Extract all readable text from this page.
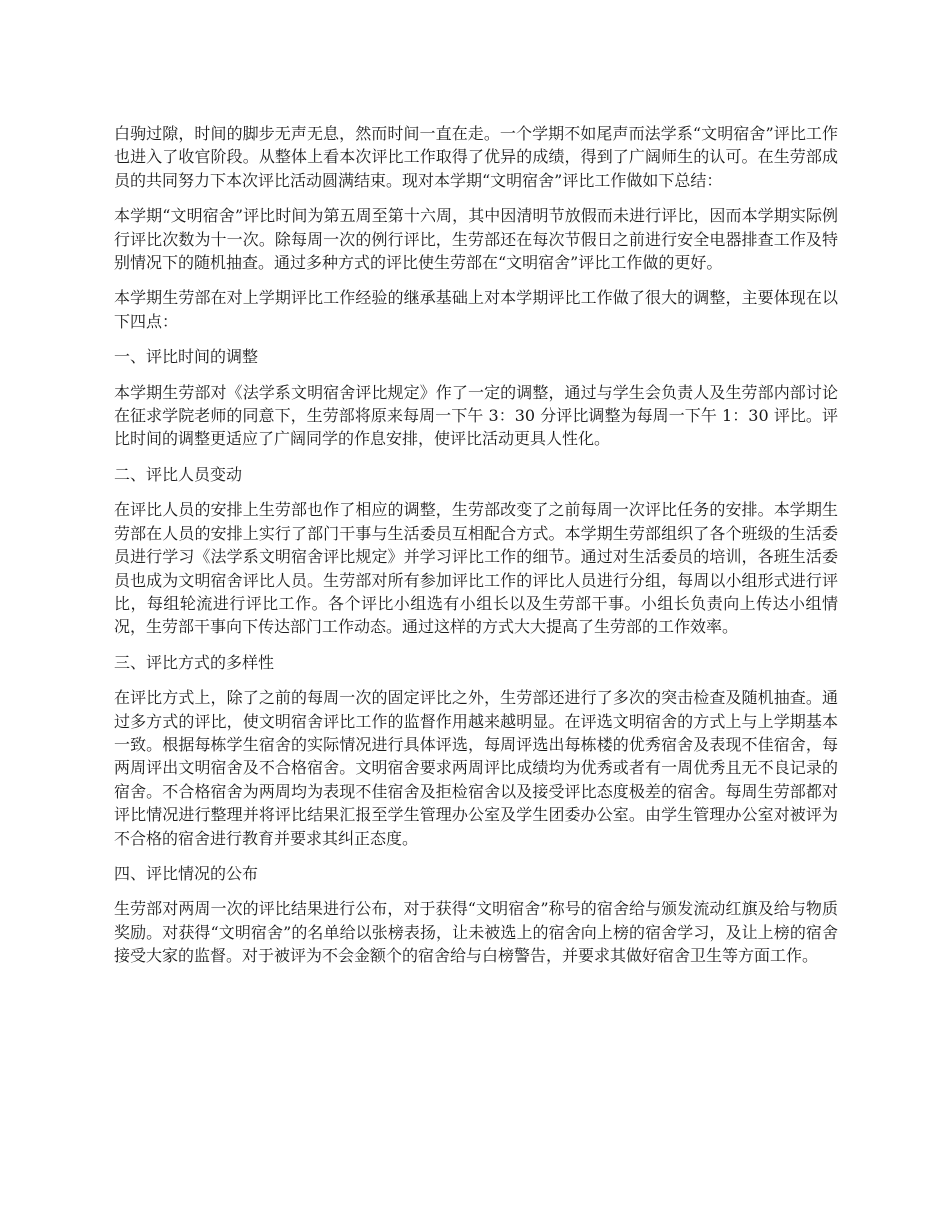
白驹过隙，时间的脚步无声无息，然而时间一直在走。一个学期不如尾声而法学系“文明宿舍”评比工作也进入了收官阶段。从整体上看本次评比工作取得了优异的成绩，得到了广阔师生的认可。在生劳部成员的共同努力下本次评比活动圆满结束。现对本学期“文明宿舍”评比工作做如下总结：

本学期“文明宿舍”评比时间为第五周至第十六周，其中因清明节放假而未进行评比，因而本学期实际例行评比次数为十一次。除每周一次的例行评比，生劳部还在每次节假日之前进行安全电器排查工作及特别情况下的随机抽查。通过多种方式的评比使生劳部在“文明宿舍”评比工作做的更好。

本学期生劳部在对上学期评比工作经验的继承基础上对本学期评比工作做了很大的调整，主要体现在以下四点：

一、评比时间的调整

本学期生劳部对《法学系文明宿舍评比规定》作了一定的调整，通过与学生会负责人及生劳部内部讨论在征求学院老师的同意下，生劳部将原来每周一下午 3：30 分评比调整为每周一下午 1：30 评比。评比时间的调整更适应了广阔同学的作息安排，使评比活动更具人性化。

二、评比人员变动

在评比人员的安排上生劳部也作了相应的调整，生劳部改变了之前每周一次评比任务的安排。本学期生劳部在人员的安排上实行了部门干事与生活委员互相配合方式。本学期生劳部组织了各个班级的生活委员进行学习《法学系文明宿舍评比规定》并学习评比工作的细节。通过对生活委员的培训，各班生活委员也成为文明宿舍评比人员。生劳部对所有参加评比工作的评比人员进行分组，每周以小组形式进行评比，每组轮流进行评比工作。各个评比小组选有小组长以及生劳部干事。小组长负责向上传达小组情况，生劳部干事向下传达部门工作动态。通过这样的方式大大提高了生劳部的工作效率。

三、评比方式的多样性

在评比方式上，除了之前的每周一次的固定评比之外，生劳部还进行了多次的突击检查及随机抽查。通过多方式的评比，使文明宿舍评比工作的监督作用越来越明显。在评选文明宿舍的方式上与上学期基本一致。根据每栋学生宿舍的实际情况进行具体评选，每周评选出每栋楼的优秀宿舍及表现不佳宿舍，每两周评出文明宿舍及不合格宿舍。文明宿舍要求两周评比成绩均为优秀或者有一周优秀且无不良记录的宿舍。不合格宿舍为两周均为表现不佳宿舍及拒检宿舍以及接受评比态度极差的宿舍。每周生劳部都对评比情况进行整理并将评比结果汇报至学生管理办公室及学生团委办公室。由学生管理办公室对被评为不合格的宿舍进行教育并要求其纠正态度。

四、评比情况的公布

生劳部对两周一次的评比结果进行公布，对于获得“文明宿舍”称号的宿舍给与颁发流动红旗及给与物质奖励。对获得“文明宿舍”的名单给以张榜表扬，让未被选上的宿舍向上榜的宿舍学习，及让上榜的宿舍接受大家的监督。对于被评为不会金额个的宿舍给与白榜警告，并要求其做好宿舍卫生等方面工作。
